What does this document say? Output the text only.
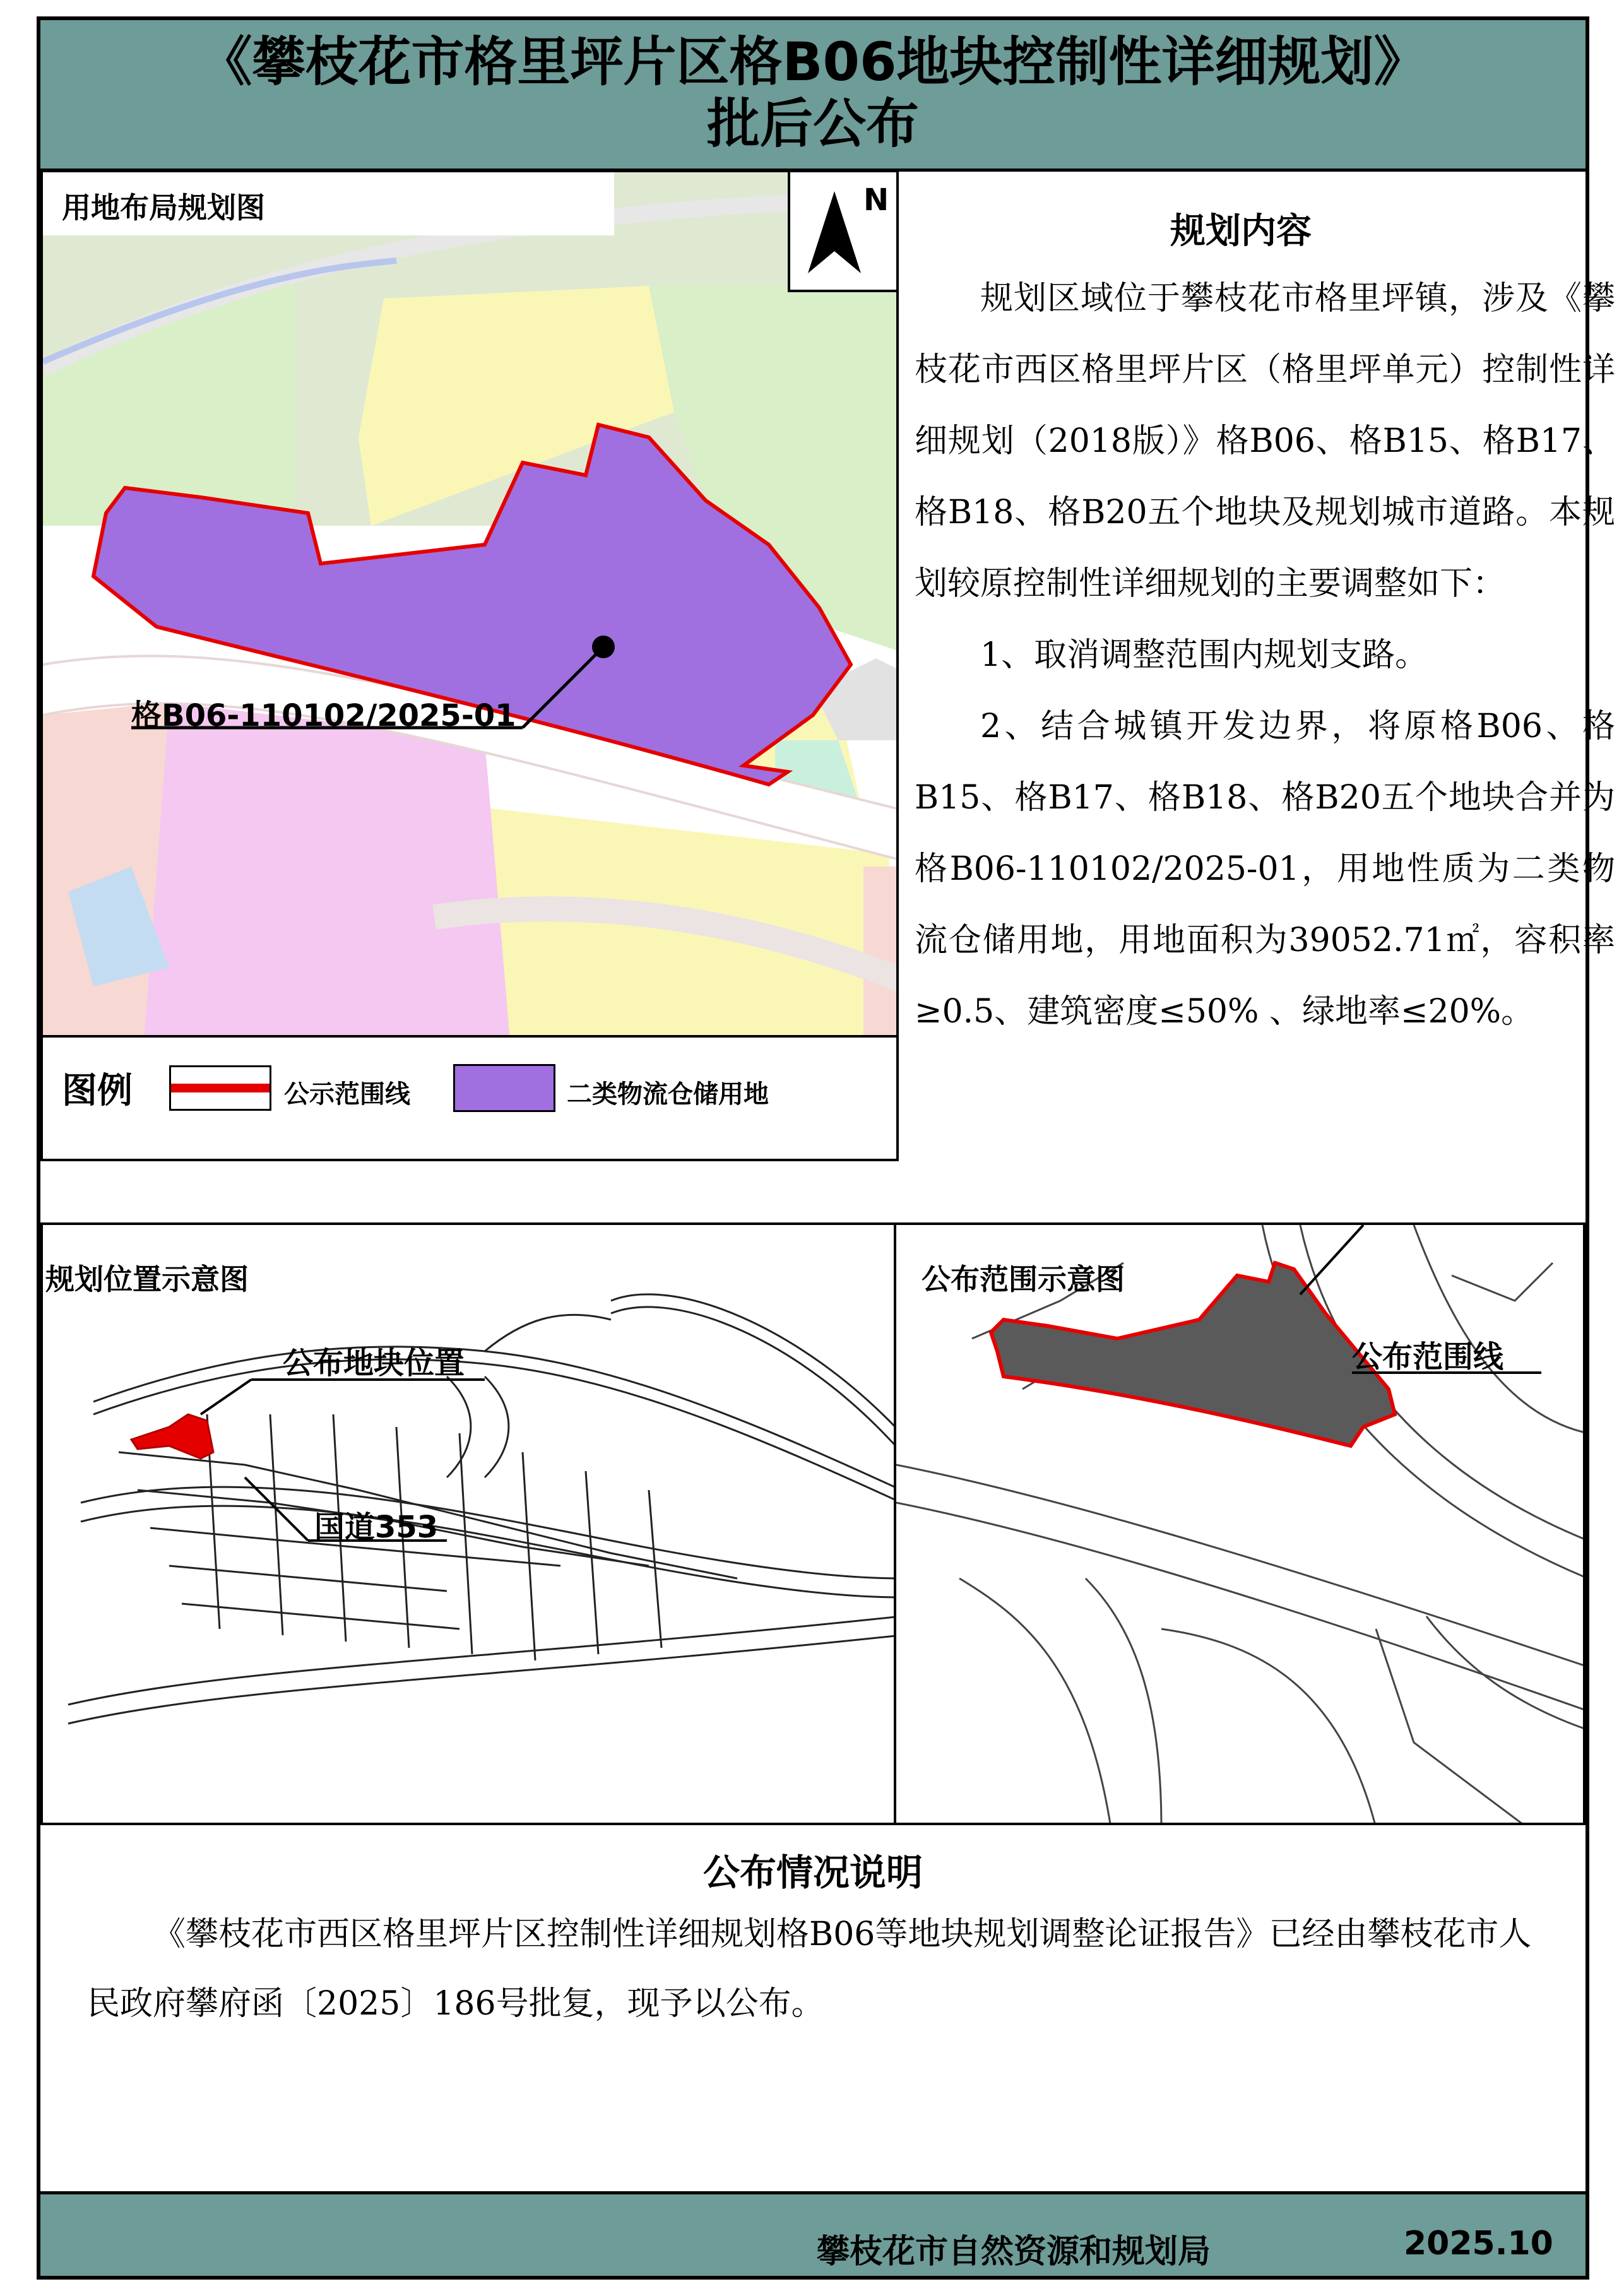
《攀枝花市格里坪片区格B06地块控制性详细规划》
批后公布
用地布局规划图
格B06-110102/2025-01
N
图例	公示范围线	二类物流仓储用地
规划内容

规划区域位于攀枝花市格里坪镇，涉及《攀枝花市西区格里坪片区（格里坪单元）控制性详细规划（2018版）》格B06、格B15、格B17、格B18、格B20五个地块及规划城市道路。本规划较原控制性详细规划的主要调整如下：

1、取消调整范围内规划支路。

2、结合城镇开发边界，将原格B06、格B15、格B17、格B18、格B20五个地块合并为格B06-110102/2025-01，用地性质为二类物流仓储用地，用地面积为39052.71㎡，容积率≥0.5、建筑密度≤50% 、绿地率≤20%。

规划位置示意图
公布地块位置
国道353
公布范围示意图
公布范围线
公布情况说明

《攀枝花市西区格里坪片区控制性详细规划格B06等地块规划调整论证报告》已经由攀枝花市人民政府攀府函〔2025〕186号批复，现予以公布。

攀枝花市自然资源和规划局	2025.10
